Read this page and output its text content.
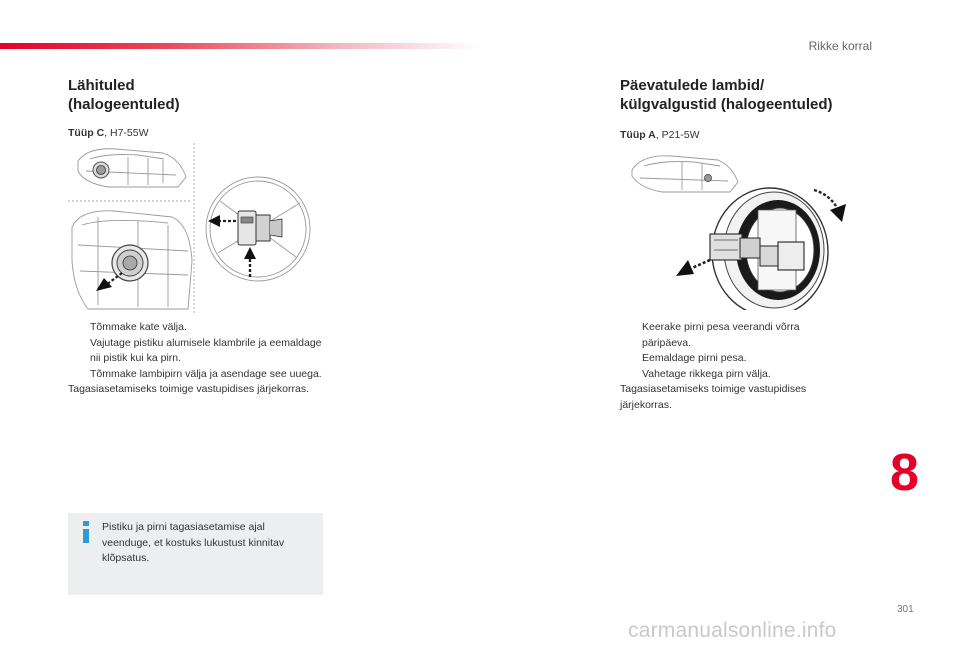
Rikke korral
Lähituled
(halogeentuled)
Tüüp C, H7-55W
Tõmmake kate välja.
Vajutage pistiku alumisele klambrile ja eemaldage nii pistik kui ka pirn.
Tõmmake lambipirn välja ja asendage see uuega.
Tagasiasetamiseks toimige vastupidises järjekorras.
Pistiku ja pirni tagasiasetamise ajal veenduge, et kostuks lukustust kinnitav klõpsatus.
Päevatulede lambid/
külgvalgustid (halogeentuled)
Tüüp A, P21-5W
Keerake pirni pesa veerandi võrra päripäeva.
Eemaldage pirni pesa.
Vahetage rikkega pirn välja.
Tagasiasetamiseks toimige vastupidises järjekorras.
8
301
carmanualsonline.info
